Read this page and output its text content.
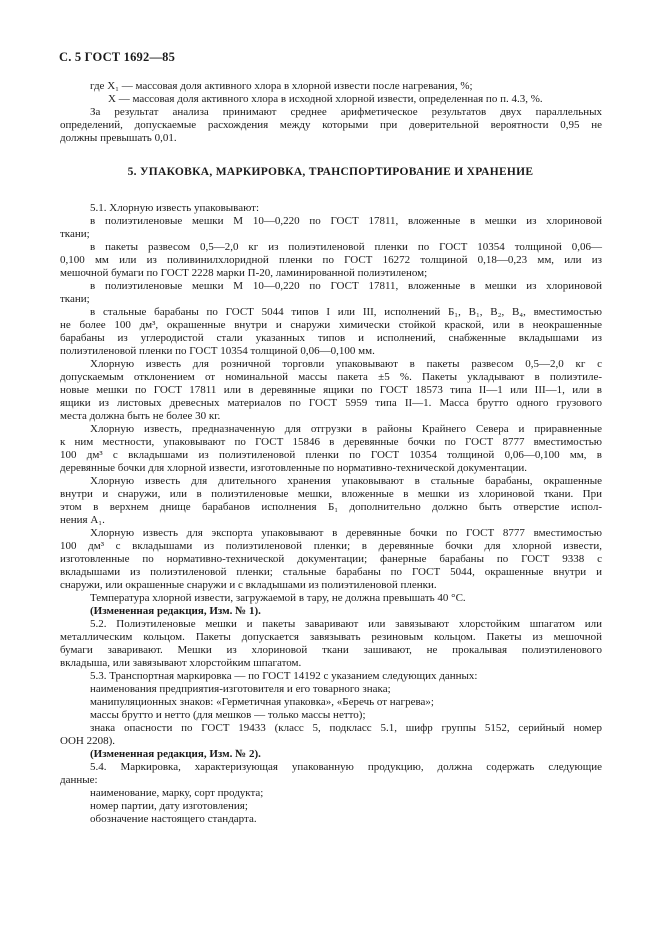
С. 5 ГОСТ 1692—85
где X₁ — массовая доля активного хлора в хлорной извести после нагревания, %;
X — массовая доля активного хлора в исходной хлорной извести, определенная по п. 4.3, %.
За результат анализа принимают среднее арифметическое результатов двух параллельных
определений, допускаемые расхождения между которыми при доверительной вероятности 0,95 не
должны превышать 0,01.
5. УПАКОВКА, МАРКИРОВКА, ТРАНСПОРТИРОВАНИЕ И ХРАНЕНИЕ
5.1. Хлорную известь упаковывают:
в полиэтиленовые мешки М 10—0,220 по ГОСТ 17811, вложенные в мешки из хлориновой
ткани;
в пакеты развесом 0,5—2,0 кг из полиэтиленовой пленки по ГОСТ 10354 толщиной 0,06—
0,100 мм или из поливинилхлоридной пленки по ГОСТ 16272 толщиной 0,18—0,23 мм, или из
мешочной бумаги по ГОСТ 2228 марки П-20, ламинированной полиэтиленом;
в полиэтиленовые мешки М 10—0,220 по ГОСТ 17811, вложенные в мешки из хлориновой
ткани;
в стальные барабаны по ГОСТ 5044 типов I или III, исполнений Б₁, В₁, В₂, В₄, вместимостью
не более 100 дм³, окрашенные внутри и снаружи химически стойкой краской, или в неокрашенные
барабаны из углеродистой стали указанных типов и исполнений, снабженные вкладышами из
полиэтиленовой пленки по ГОСТ 10354 толщиной 0,06—0,100 мм.
Хлорную известь для розничной торговли упаковывают в пакеты развесом 0,5—2,0 кг с
допускаемым отклонением от номинальной массы пакета ±5 %. Пакеты укладывают в полиэтиле-
новые мешки по ГОСТ 17811 или в деревянные ящики по ГОСТ 18573 типа II—1 или III—1, или в
ящики из листовых древесных материалов по ГОСТ 5959 типа II—1. Масса брутто одного грузового
места должна быть не более 30 кг.
Хлорную известь, предназначенную для отгрузки в районы Крайнего Севера и приравненные
к ним местности, упаковывают по ГОСТ 15846 в деревянные бочки по ГОСТ 8777 вместимостью
100 дм³ с вкладышами из полиэтиленовой пленки по ГОСТ 10354 толщиной 0,06—0,100 мм, в
деревянные бочки для хлорной извести, изготовленные по нормативно-технической документации.
Хлорную известь для длительного хранения упаковывают в стальные барабаны, окрашенные
внутри и снаружи, или в полиэтиленовые мешки, вложенные в мешки из хлориновой ткани. При
этом в верхнем днище барабанов исполнения Б₁ дополнительно должно быть отверстие испол-
нения А₁.
Хлорную известь для экспорта упаковывают в деревянные бочки по ГОСТ 8777 вместимостью
100 дм³ с вкладышами из полиэтиленовой пленки; в деревянные бочки для хлорной извести,
изготовленные по нормативно-технической документации; фанерные барабаны по ГОСТ 9338 с
вкладышами из полиэтиленовой пленки; стальные барабаны по ГОСТ 5044, окрашенные внутри и
снаружи, или окрашенные снаружи и с вкладышами из полиэтиленовой пленки.
Температура хлорной извести, загружаемой в тару, не должна превышать 40 °С.
(Измененная редакция, Изм. № 1).
5.2. Полиэтиленовые мешки и пакеты заваривают или завязывают хлорстойким шпагатом или
металлическим кольцом. Пакеты допускается завязывать резиновым кольцом. Пакеты из мешочной
бумаги заваривают. Мешки из хлориновой ткани зашивают, не прокалывая полиэтиленового
вкладыша, или завязывают хлорстойким шпагатом.
5.3. Транспортная маркировка — по ГОСТ 14192 с указанием следующих данных:
наименования предприятия-изготовителя и его товарного знака;
манипуляционных знаков: «Герметичная упаковка», «Беречь от нагрева»;
массы брутто и нетто (для мешков — только массы нетто);
знака опасности по ГОСТ 19433 (класс 5, подкласс 5.1, шифр группы 5152, серийный номер
ООН 2208).
(Измененная редакция, Изм. № 2).
5.4. Маркировка, характеризующая упакованную продукцию, должна содержать следующие
данные:
наименование, марку, сорт продукта;
номер партии, дату изготовления;
обозначение настоящего стандарта.
